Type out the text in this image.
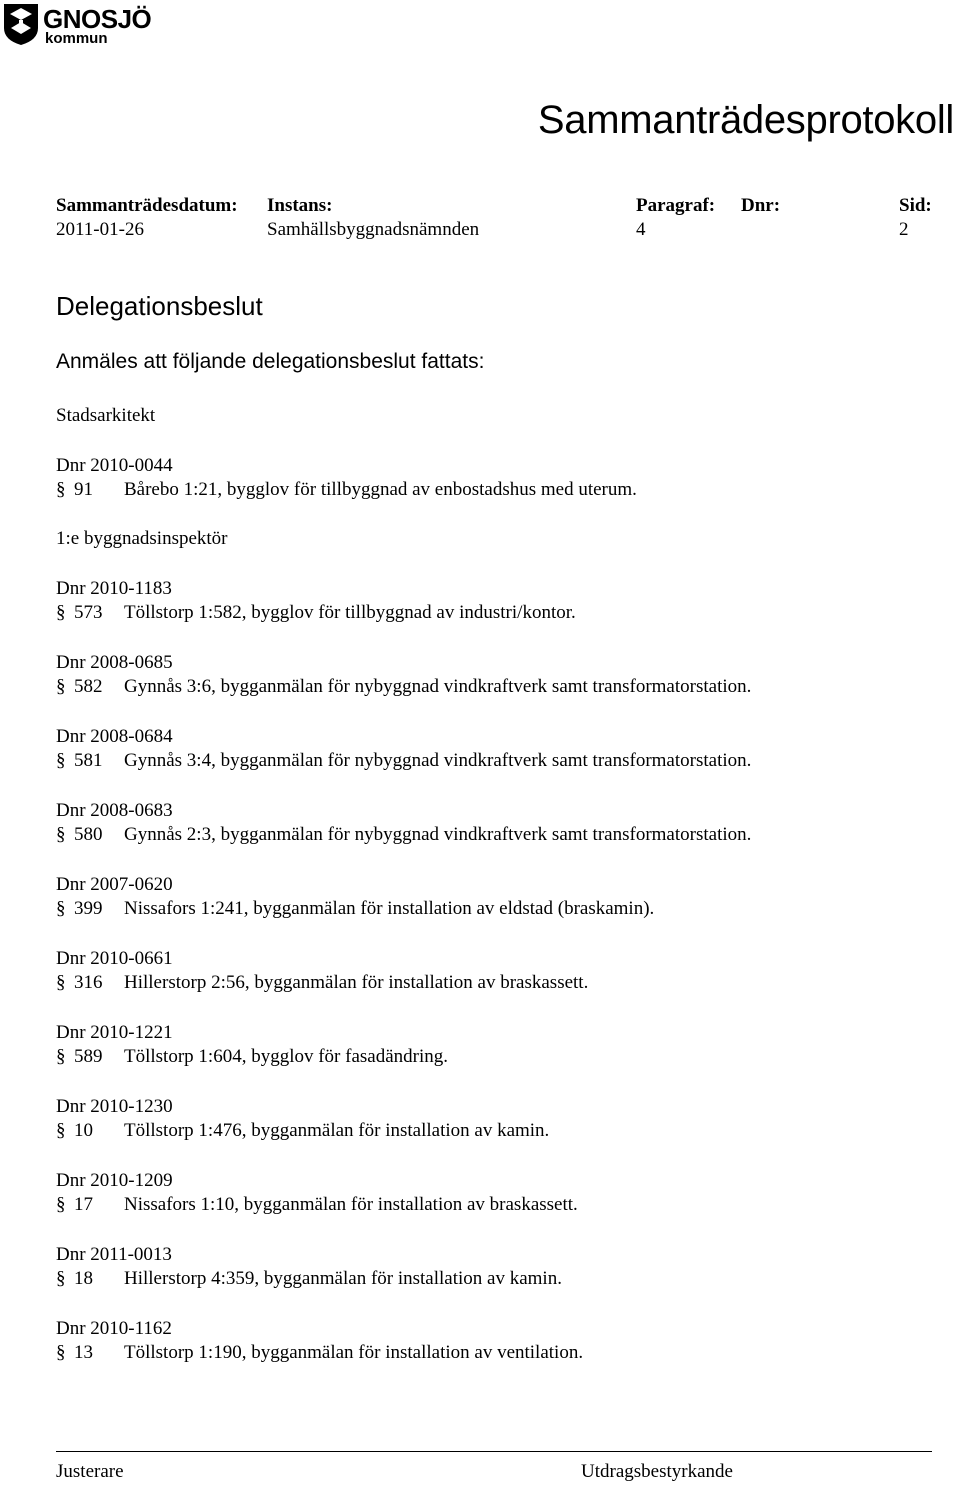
GNOSJÖ
kommun
Sammanträdesprotokoll
Sammanträdesdatum:
2011-01-26
Instans:
Samhällsbyggnadsnämnden
Paragraf:
4
Dnr:	Sid:
2
Delegationsbeslut
Anmäles att följande delegationsbeslut fattats:
Stadsarkitekt
1:e byggnadsinspektör
Dnr 2010-0044
§ 91 Bårebo 1:21, bygglov för tillbyggnad av enbostadshus med uterum.
Dnr 2010-1183
§ 573 Töllstorp 1:582, bygglov för tillbyggnad av industri/kontor.
Dnr 2008-0685
§ 582 Gynnås 3:6, bygganmälan för nybyggnad vindkraftverk samt transformatorstation.
Dnr 2008-0684
§ 581 Gynnås 3:4, bygganmälan för nybyggnad vindkraftverk samt transformatorstation.
Dnr 2008-0683
§ 580 Gynnås 2:3, bygganmälan för nybyggnad vindkraftverk samt transformatorstation.
Dnr 2007-0620
§ 399 Nissafors 1:241, bygganmälan för installation av eldstad (braskamin).
Dnr 2010-0661
§ 316 Hillerstorp 2:56, bygganmälan för installation av braskassett.
Dnr 2010-1221
§ 589 Töllstorp 1:604, bygglov för fasadändring.
Dnr 2010-1230
§ 10 Töllstorp 1:476, bygganmälan för installation av kamin.
Dnr 2010-1209
§ 17 Nissafors 1:10, bygganmälan för installation av braskassett.
Dnr 2011-0013
§ 18 Hillerstorp 4:359, bygganmälan för installation av kamin.
Dnr 2010-1162
§ 13 Töllstorp 1:190, bygganmälan för installation av ventilation.
Justerare	Utdragsbestyrkande
